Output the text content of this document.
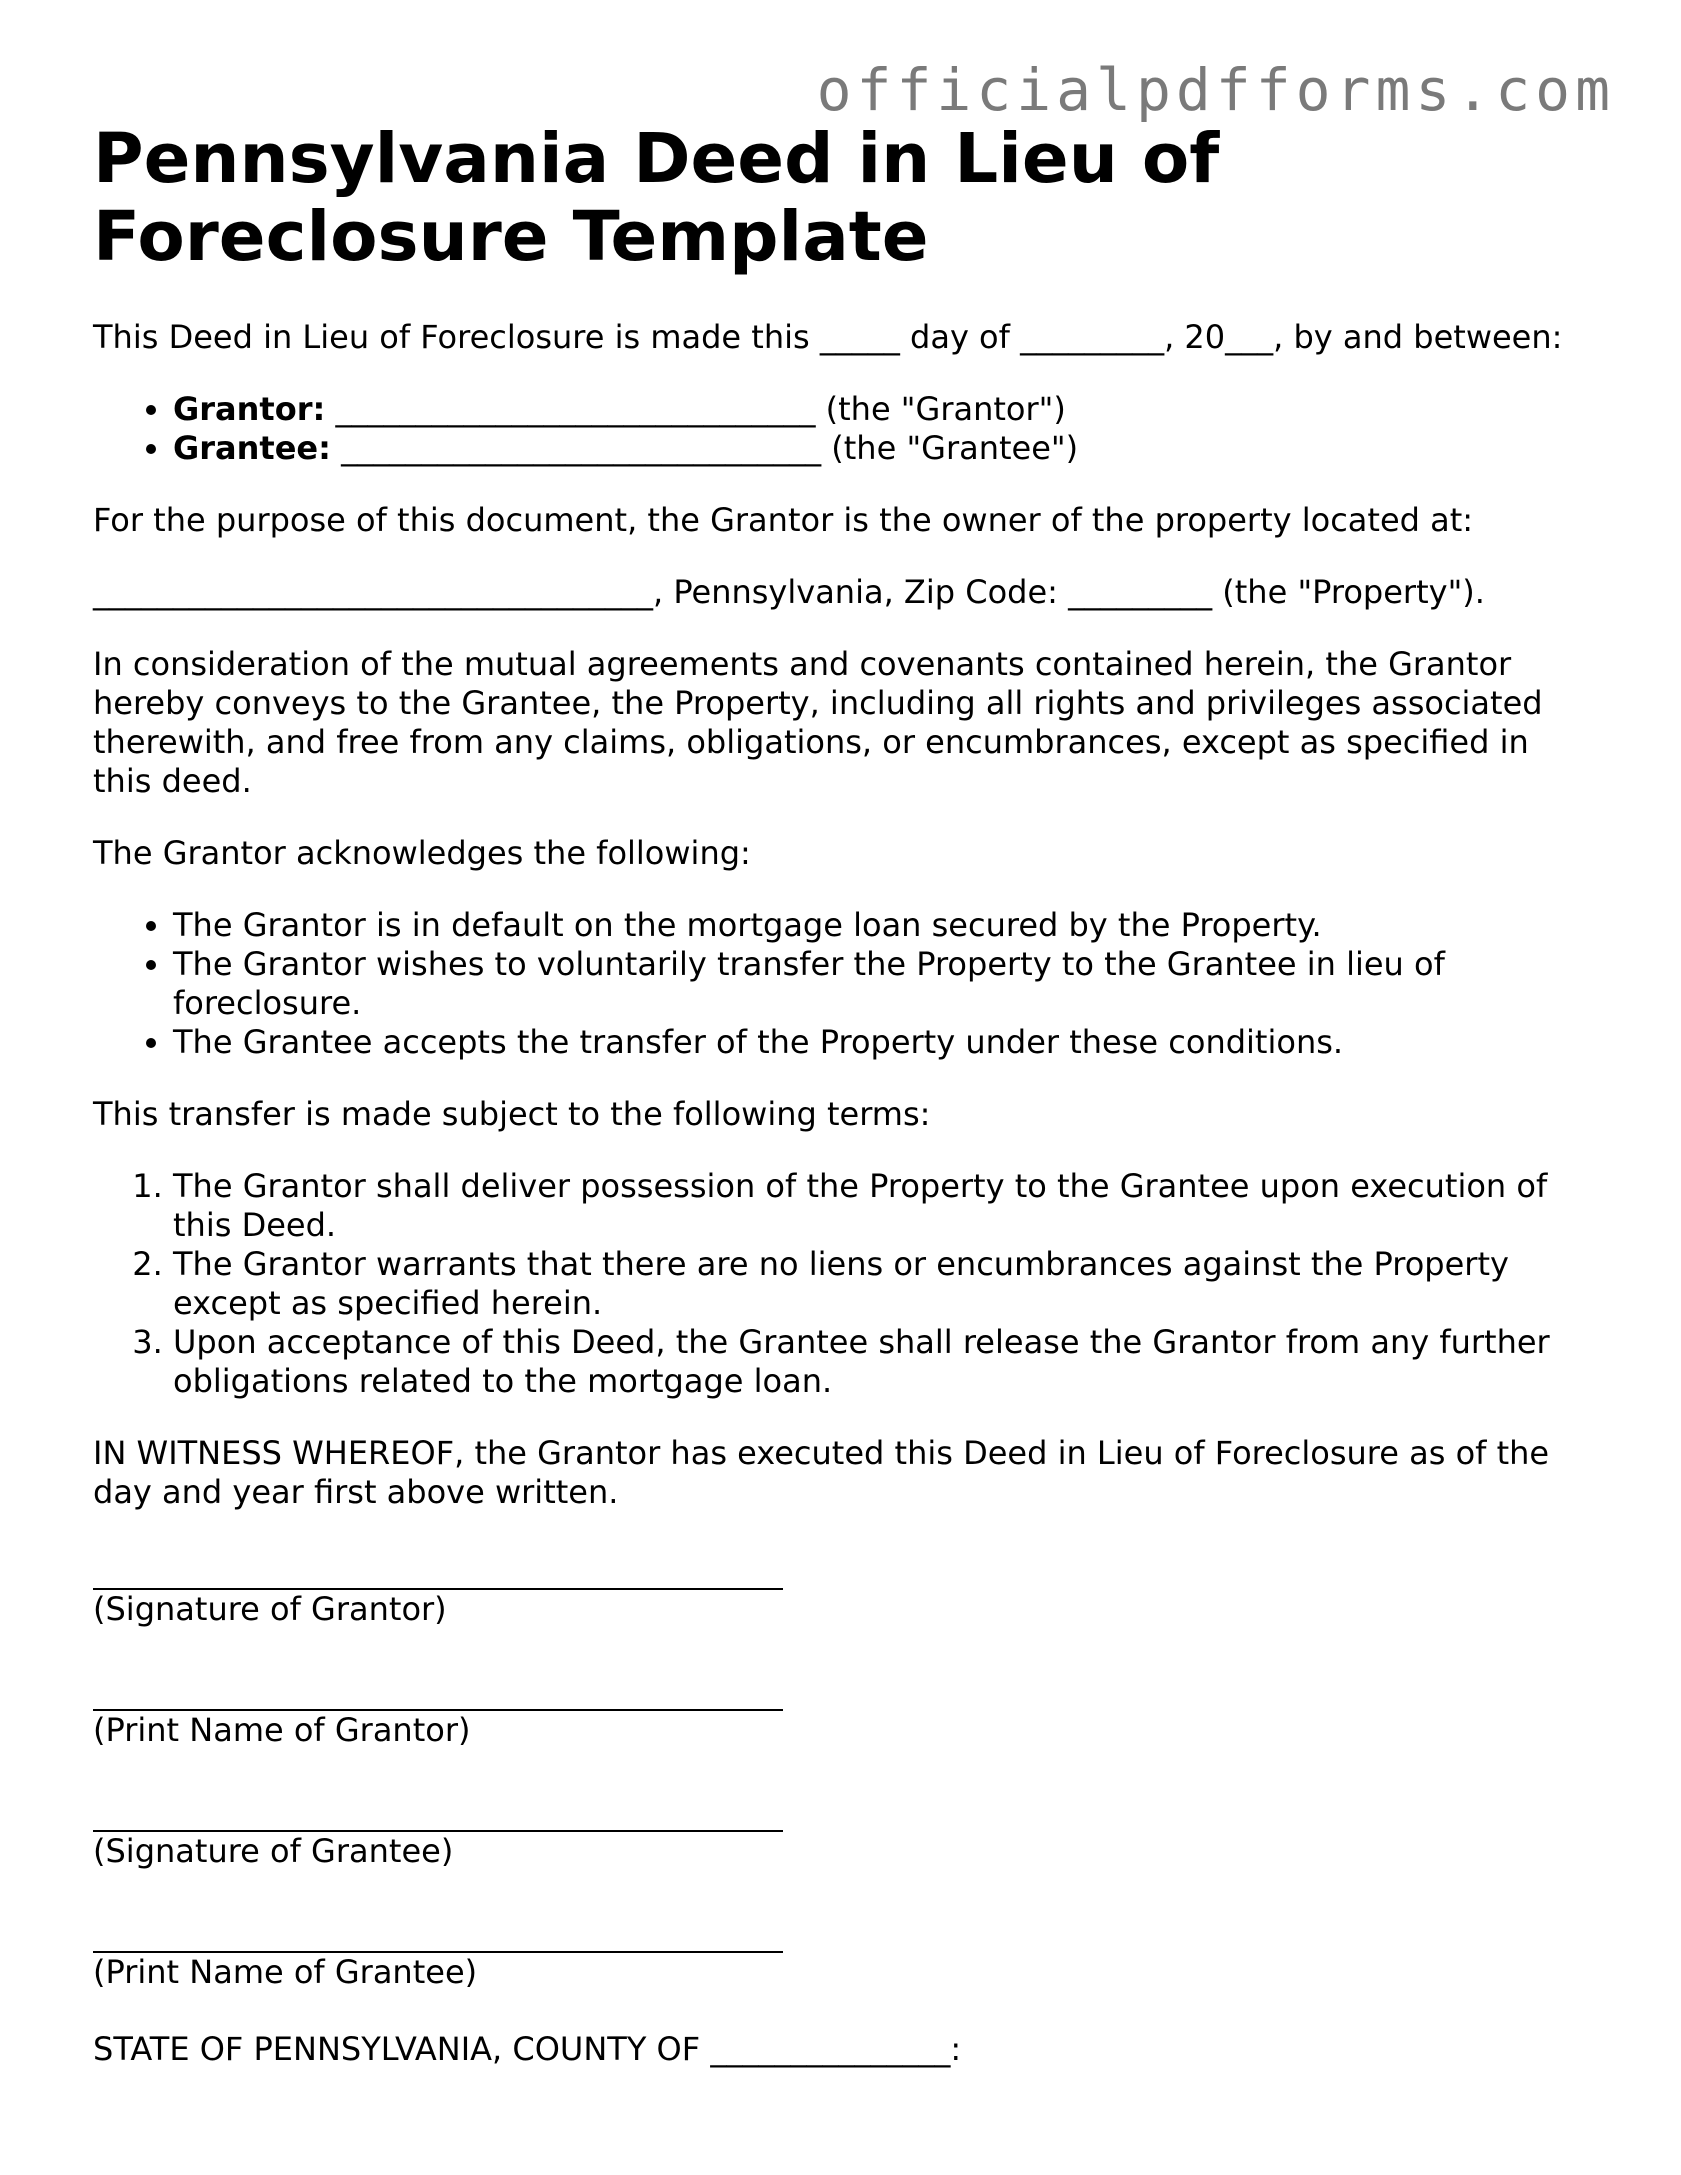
officialpdfforms.com
Pennsylvania Deed in Lieu of Foreclosure Template

This Deed in Lieu of Foreclosure is made this _____ day of _________, 20___, by and between:

• Grantor: ______________________________ (the "Grantor")
• Grantee: ______________________________ (the "Grantee")

For the purpose of this document, the Grantor is the owner of the property located at:

___________________________________, Pennsylvania, Zip Code: _________ (the "Property").

In consideration of the mutual agreements and covenants contained herein, the Grantor hereby conveys to the Grantee, the Property, including all rights and privileges associated therewith, and free from any claims, obligations, or encumbrances, except as specified in this deed.

The Grantor acknowledges the following:

• The Grantor is in default on the mortgage loan secured by the Property.
• The Grantor wishes to voluntarily transfer the Property to the Grantee in lieu of foreclosure.
• The Grantee accepts the transfer of the Property under these conditions.

This transfer is made subject to the following terms:

1. The Grantor shall deliver possession of the Property to the Grantee upon execution of this Deed.
2. The Grantor warrants that there are no liens or encumbrances against the Property except as specified herein.
3. Upon acceptance of this Deed, the Grantee shall release the Grantor from any further obligations related to the mortgage loan.

IN WITNESS WHEREOF, the Grantor has executed this Deed in Lieu of Foreclosure as of the day and year first above written.

(Signature of Grantor)
(Print Name of Grantor)
(Signature of Grantee)
(Print Name of Grantee)

STATE OF PENNSYLVANIA, COUNTY OF _______________:
